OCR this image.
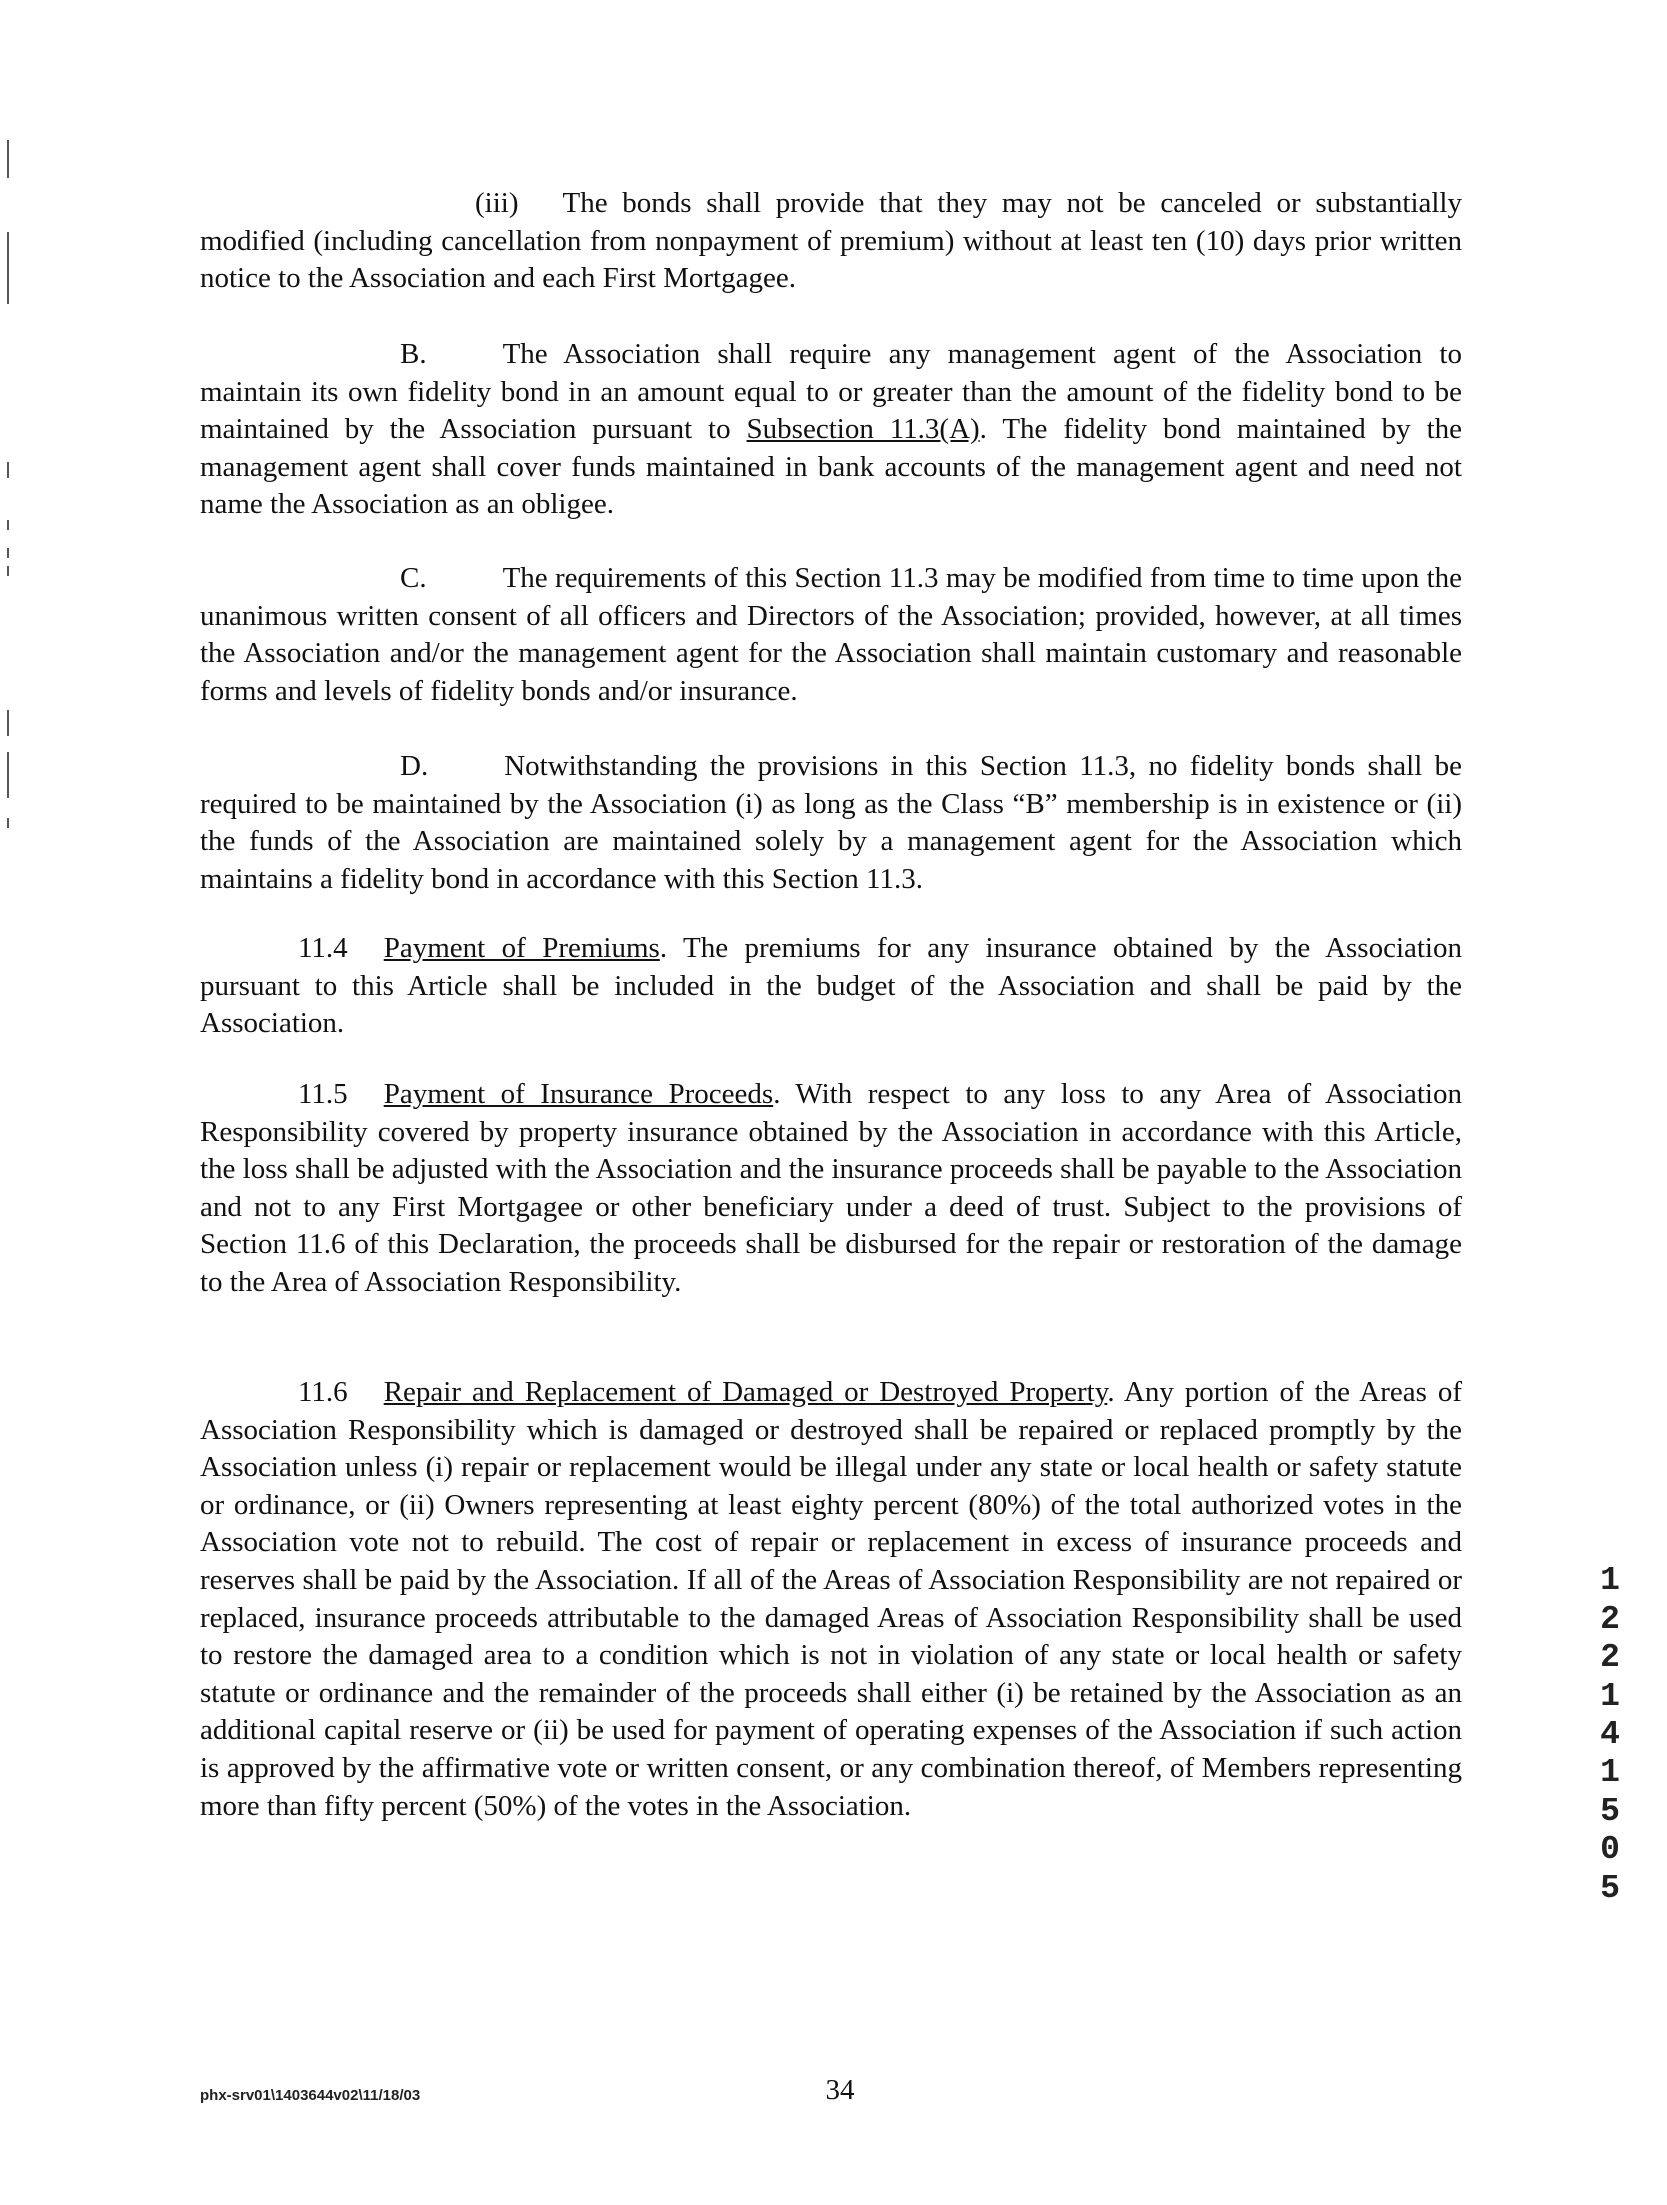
(iii) The bonds shall provide that they may not be canceled or substantially modified (including cancellation from nonpayment of premium) without at least ten (10) days prior written notice to the Association and each First Mortgagee.

B.	The Association shall require any management agent of the Association to maintain its own fidelity bond in an amount equal to or greater than the amount of the fidelity bond to be maintained by the Association pursuant to Subsection 11.3(A). The fidelity bond maintained by the management agent shall cover funds maintained in bank accounts of the management agent and need not name the Association as an obligee.

C.	The requirements of this Section 11.3 may be modified from time to time upon the unanimous written consent of all officers and Directors of the Association; provided, however, at all times the Association and/or the management agent for the Association shall maintain customary and reasonable forms and levels of fidelity bonds and/or insurance.

D.	Notwithstanding the provisions in this Section 11.3, no fidelity bonds shall be required to be maintained by the Association (i) as long as the Class “B” membership is in existence or (ii) the funds of the Association are maintained solely by a management agent for the Association which maintains a fidelity bond in accordance with this Section 11.3.

11.4 Payment of Premiums. The premiums for any insurance obtained by the Association pursuant to this Article shall be included in the budget of the Association and shall be paid by the Association.

11.5 Payment of Insurance Proceeds. With respect to any loss to any Area of Association Responsibility covered by property insurance obtained by the Association in accordance with this Article, the loss shall be adjusted with the Association and the insurance proceeds shall be payable to the Association and not to any First Mortgagee or other beneficiary under a deed of trust. Subject to the provisions of Section 11.6 of this Declaration, the proceeds shall be disbursed for the repair or restoration of the damage to the Area of Association Responsibility.

11.6 Repair and Replacement of Damaged or Destroyed Property. Any portion of the Areas of Association Responsibility which is damaged or destroyed shall be repaired or replaced promptly by the Association unless (i) repair or replacement would be illegal under any state or local health or safety statute or ordinance, or (ii) Owners representing at least eighty percent (80%) of the total authorized votes in the Association vote not to rebuild. The cost of repair or replacement in excess of insurance proceeds and reserves shall be paid by the Association. If all of the Areas of Association Responsibility are not repaired or replaced, insurance proceeds attributable to the damaged Areas of Association Responsibility shall be used to restore the damaged area to a condition which is not in violation of any state or local health or safety statute or ordinance and the remainder of the proceeds shall either (i) be retained by the Association as an additional capital reserve or (ii) be used for payment of operating expenses of the Association if such action is approved by the affirmative vote or written consent, or any combination thereof, of Members representing more than fifty percent (50%) of the votes in the Association.

1
2
2
1
4
1
5
0
5
phx-srv01\1403644v02\11/18/03	34
